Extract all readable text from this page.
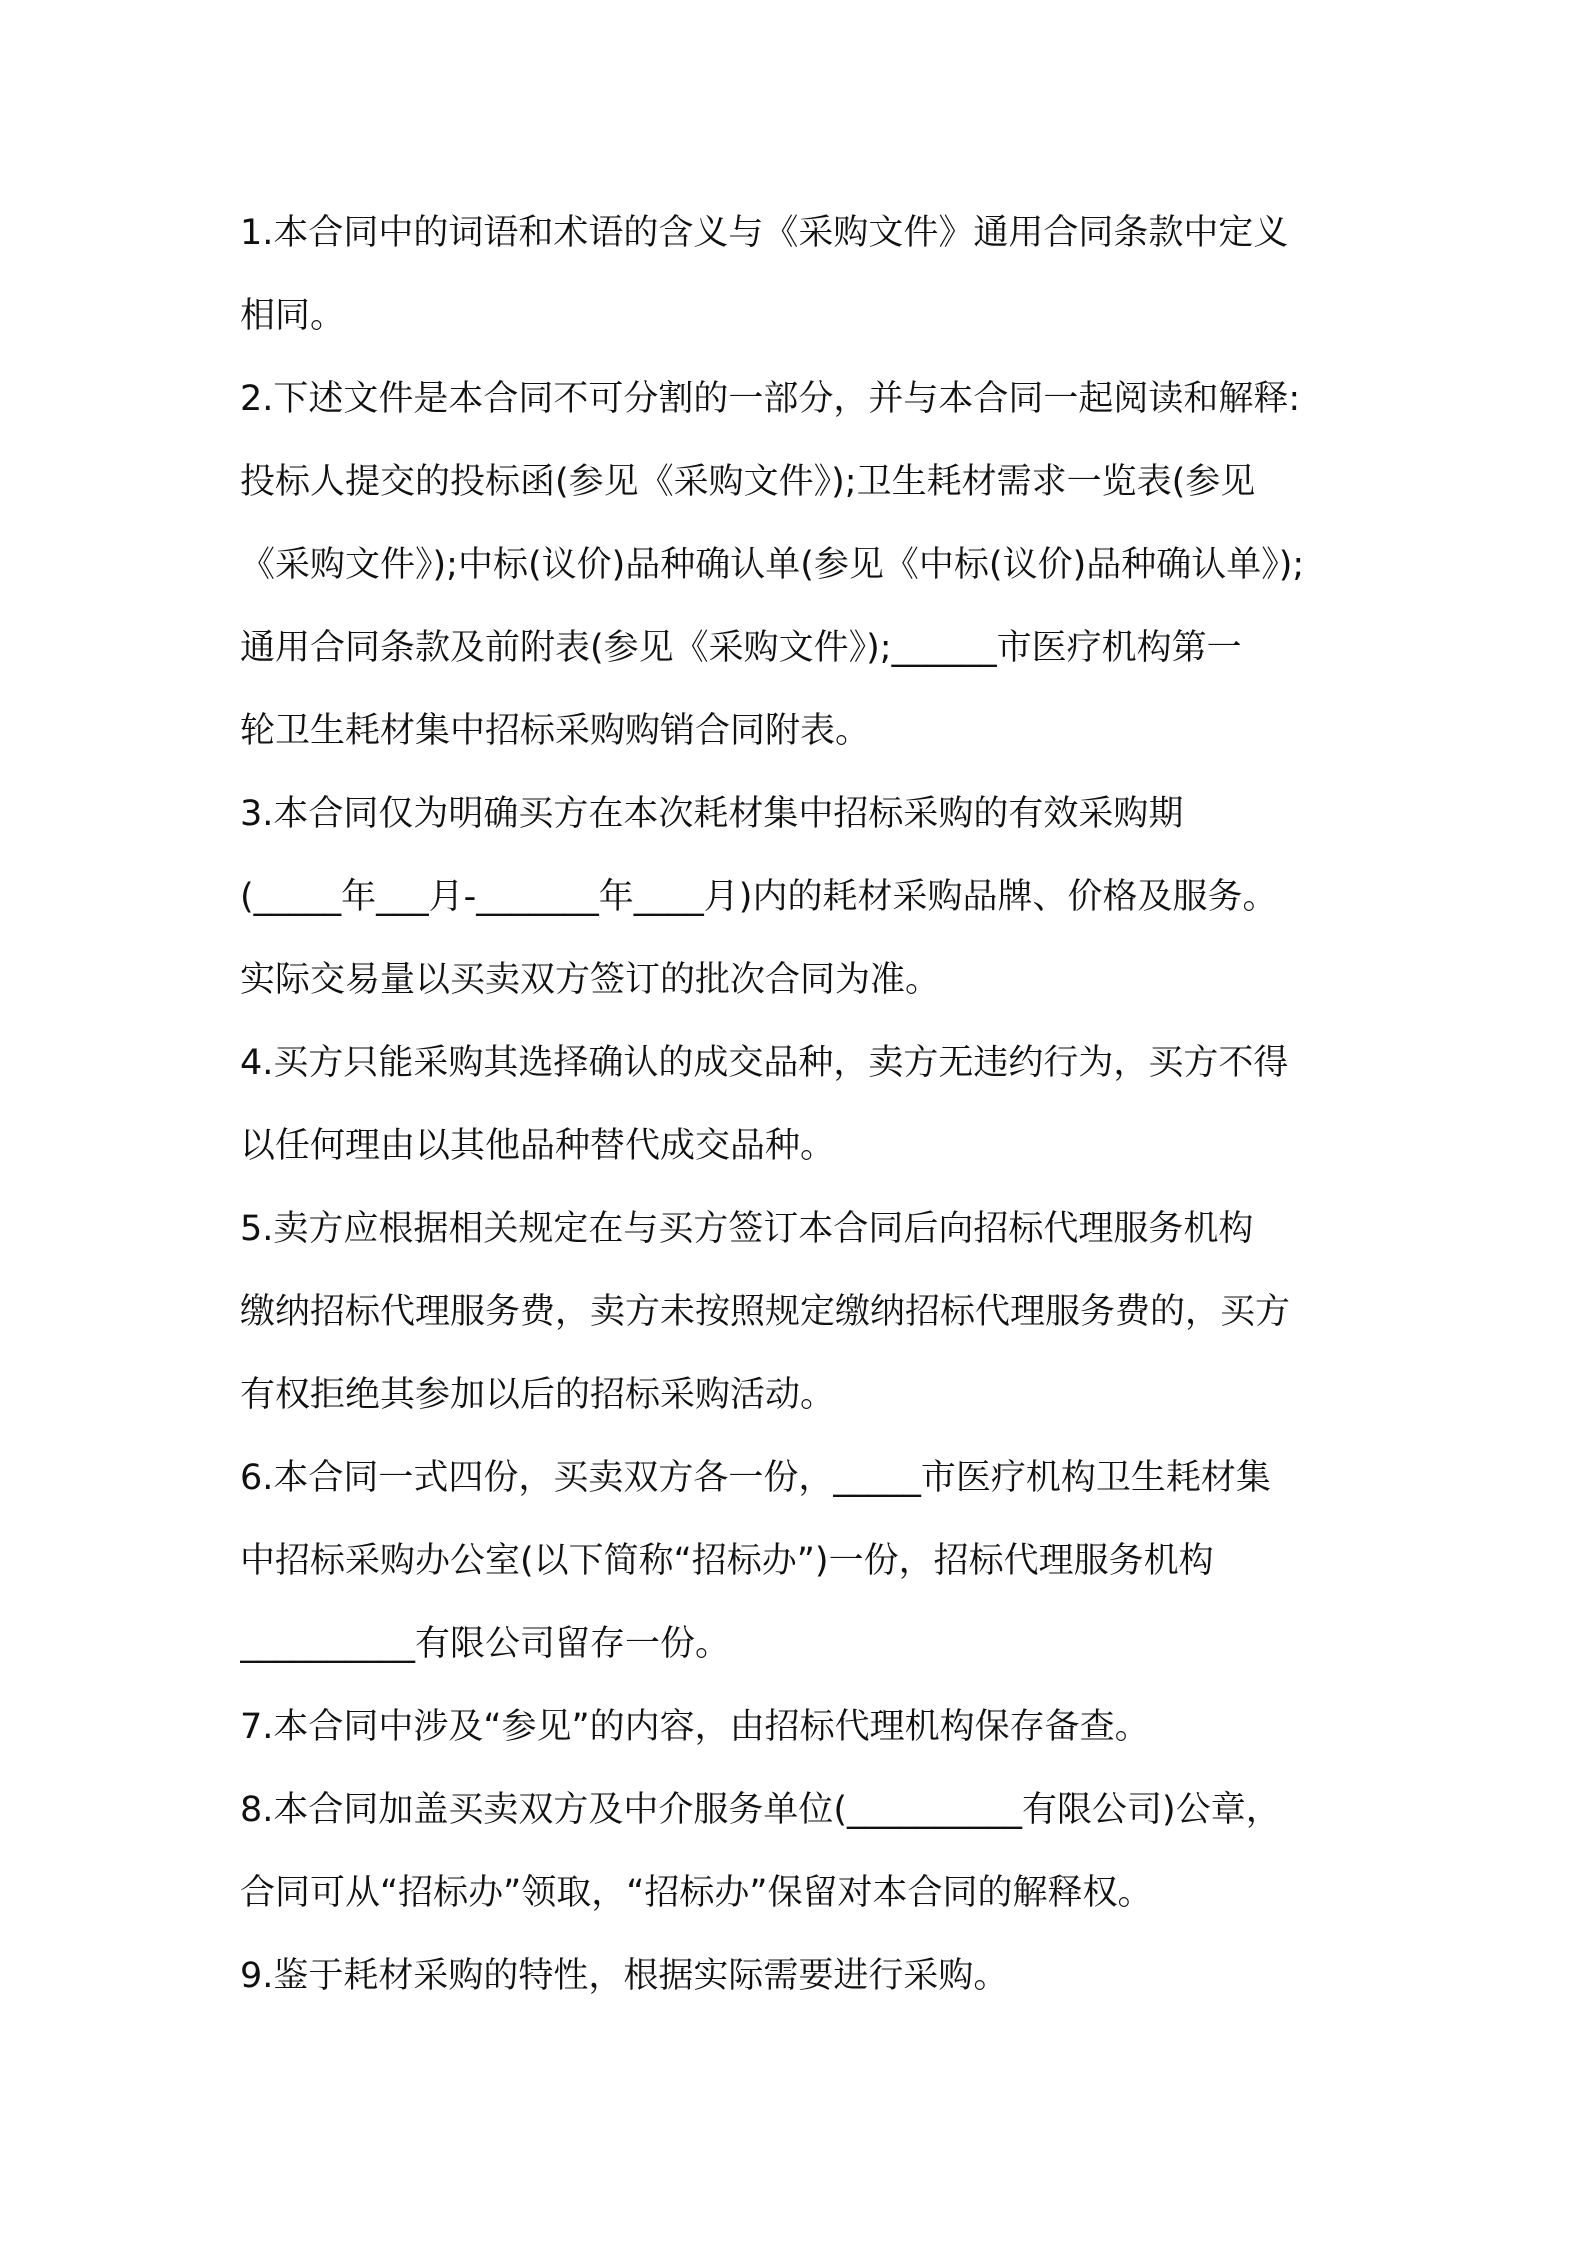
1.本合同中的词语和术语的含义与《采购文件》通用合同条款中定义
相同。
2.下述文件是本合同不可分割的一部分，并与本合同一起阅读和解释:
投标人提交的投标函(参见《采购文件》);卫生耗材需求一览表(参见
《采购文件》);中标(议价)品种确认单(参见《中标(议价)品种确认单》);
通用合同条款及前附表(参见《采购文件》);______市医疗机构第一
轮卫生耗材集中招标采购购销合同附表。
3.本合同仅为明确买方在本次耗材集中招标采购的有效采购期
(_____年___月-_______年____月)内的耗材采购品牌、价格及服务。
实际交易量以买卖双方签订的批次合同为准。
4.买方只能采购其选择确认的成交品种，卖方无违约行为，买方不得
以任何理由以其他品种替代成交品种。
5.卖方应根据相关规定在与买方签订本合同后向招标代理服务机构
缴纳招标代理服务费，卖方未按照规定缴纳招标代理服务费的，买方
有权拒绝其参加以后的招标采购活动。
6.本合同一式四份，买卖双方各一份，_____市医疗机构卫生耗材集
中招标采购办公室(以下简称“招标办”)一份，招标代理服务机构
__________有限公司留存一份。
7.本合同中涉及“参见”的内容，由招标代理机构保存备查。
8.本合同加盖买卖双方及中介服务单位(__________有限公司)公章，
合同可从“招标办”领取，“招标办”保留对本合同的解释权。
9.鉴于耗材采购的特性，根据实际需要进行采购。
